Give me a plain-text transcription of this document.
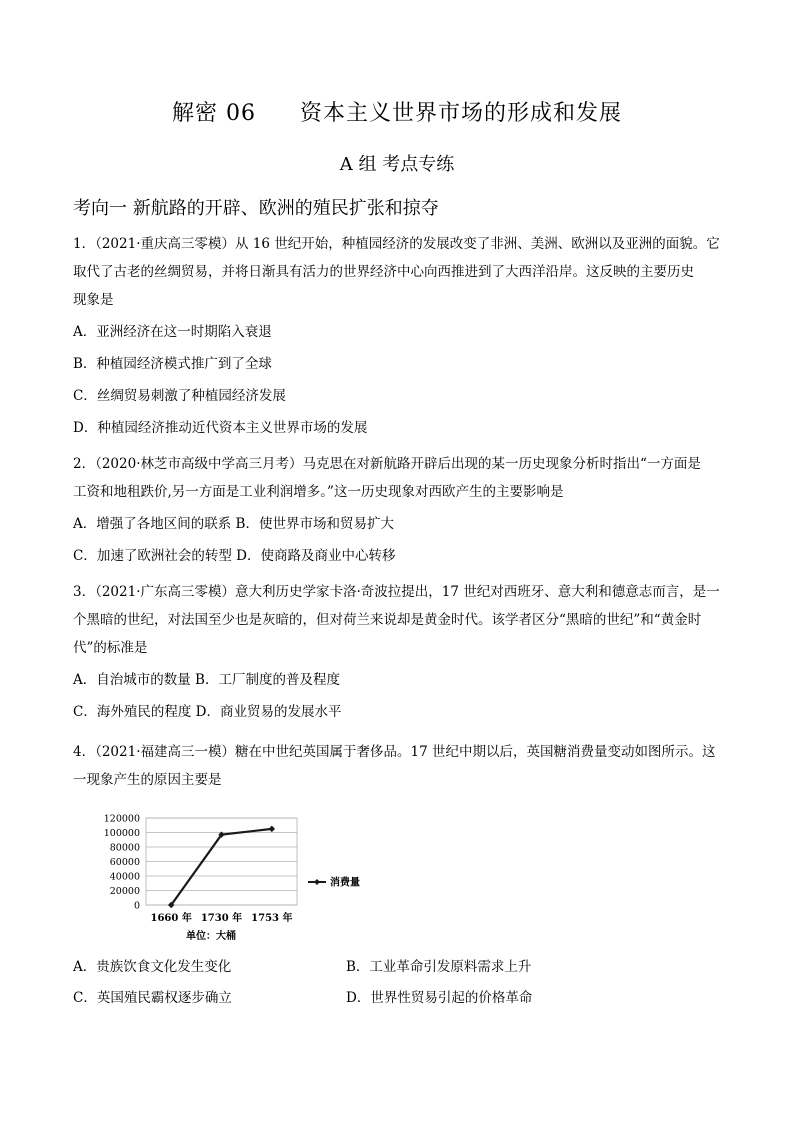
解密 06 资本主义世界市场的形成和发展
A 组 考点专练
考向一 新航路的开辟、欧洲的殖民扩张和掠夺
1．（2021·重庆高三零模）从 16 世纪开始，种植园经济的发展改变了非洲、美洲、欧洲以及亚洲的面貌。它
取代了古老的丝绸贸易，并将日渐具有活力的世界经济中心向西推进到了大西洋沿岸。这反映的主要历史
现象是
A．亚洲经济在这一时期陷入衰退
B．种植园经济模式推广到了全球
C．丝绸贸易刺激了种植园经济发展
D．种植园经济推动近代资本主义世界市场的发展
2．（2020·林芝市高级中学高三月考）马克思在对新航路开辟后出现的某一历史现象分析时指出“一方面是
工资和地租跌价,另一方面是工业利润增多。”这一历史现象对西欧产生的主要影响是
A．增强了各地区间的联系 B．使世界市场和贸易扩大
C．加速了欧洲社会的转型 D．使商路及商业中心转移
3．（2021·广东高三零模）意大利历史学家卡洛·奇波拉提出，17 世纪对西班牙、意大利和德意志而言，是一
个黑暗的世纪，对法国至少也是灰暗的，但对荷兰来说却是黄金时代。该学者区分“黑暗的世纪”和“黄金时
代”的标准是
A．自治城市的数量 B．工厂制度的普及程度
C．海外殖民的程度 D．商业贸易的发展水平
4．（2021·福建高三一模）糖在中世纪英国属于奢侈品。17 世纪中期以后，英国糖消费量变动如图所示。这
一现象产生的原因主要是
0
20000
40000
60000
80000
100000
120000
1660 年 1730 年 1753 年
消费量
单位：大桶
A．贵族饮食文化发生变化	B．工业革命引发原料需求上升
C．英国殖民霸权逐步确立	D．世界性贸易引起的价格革命
